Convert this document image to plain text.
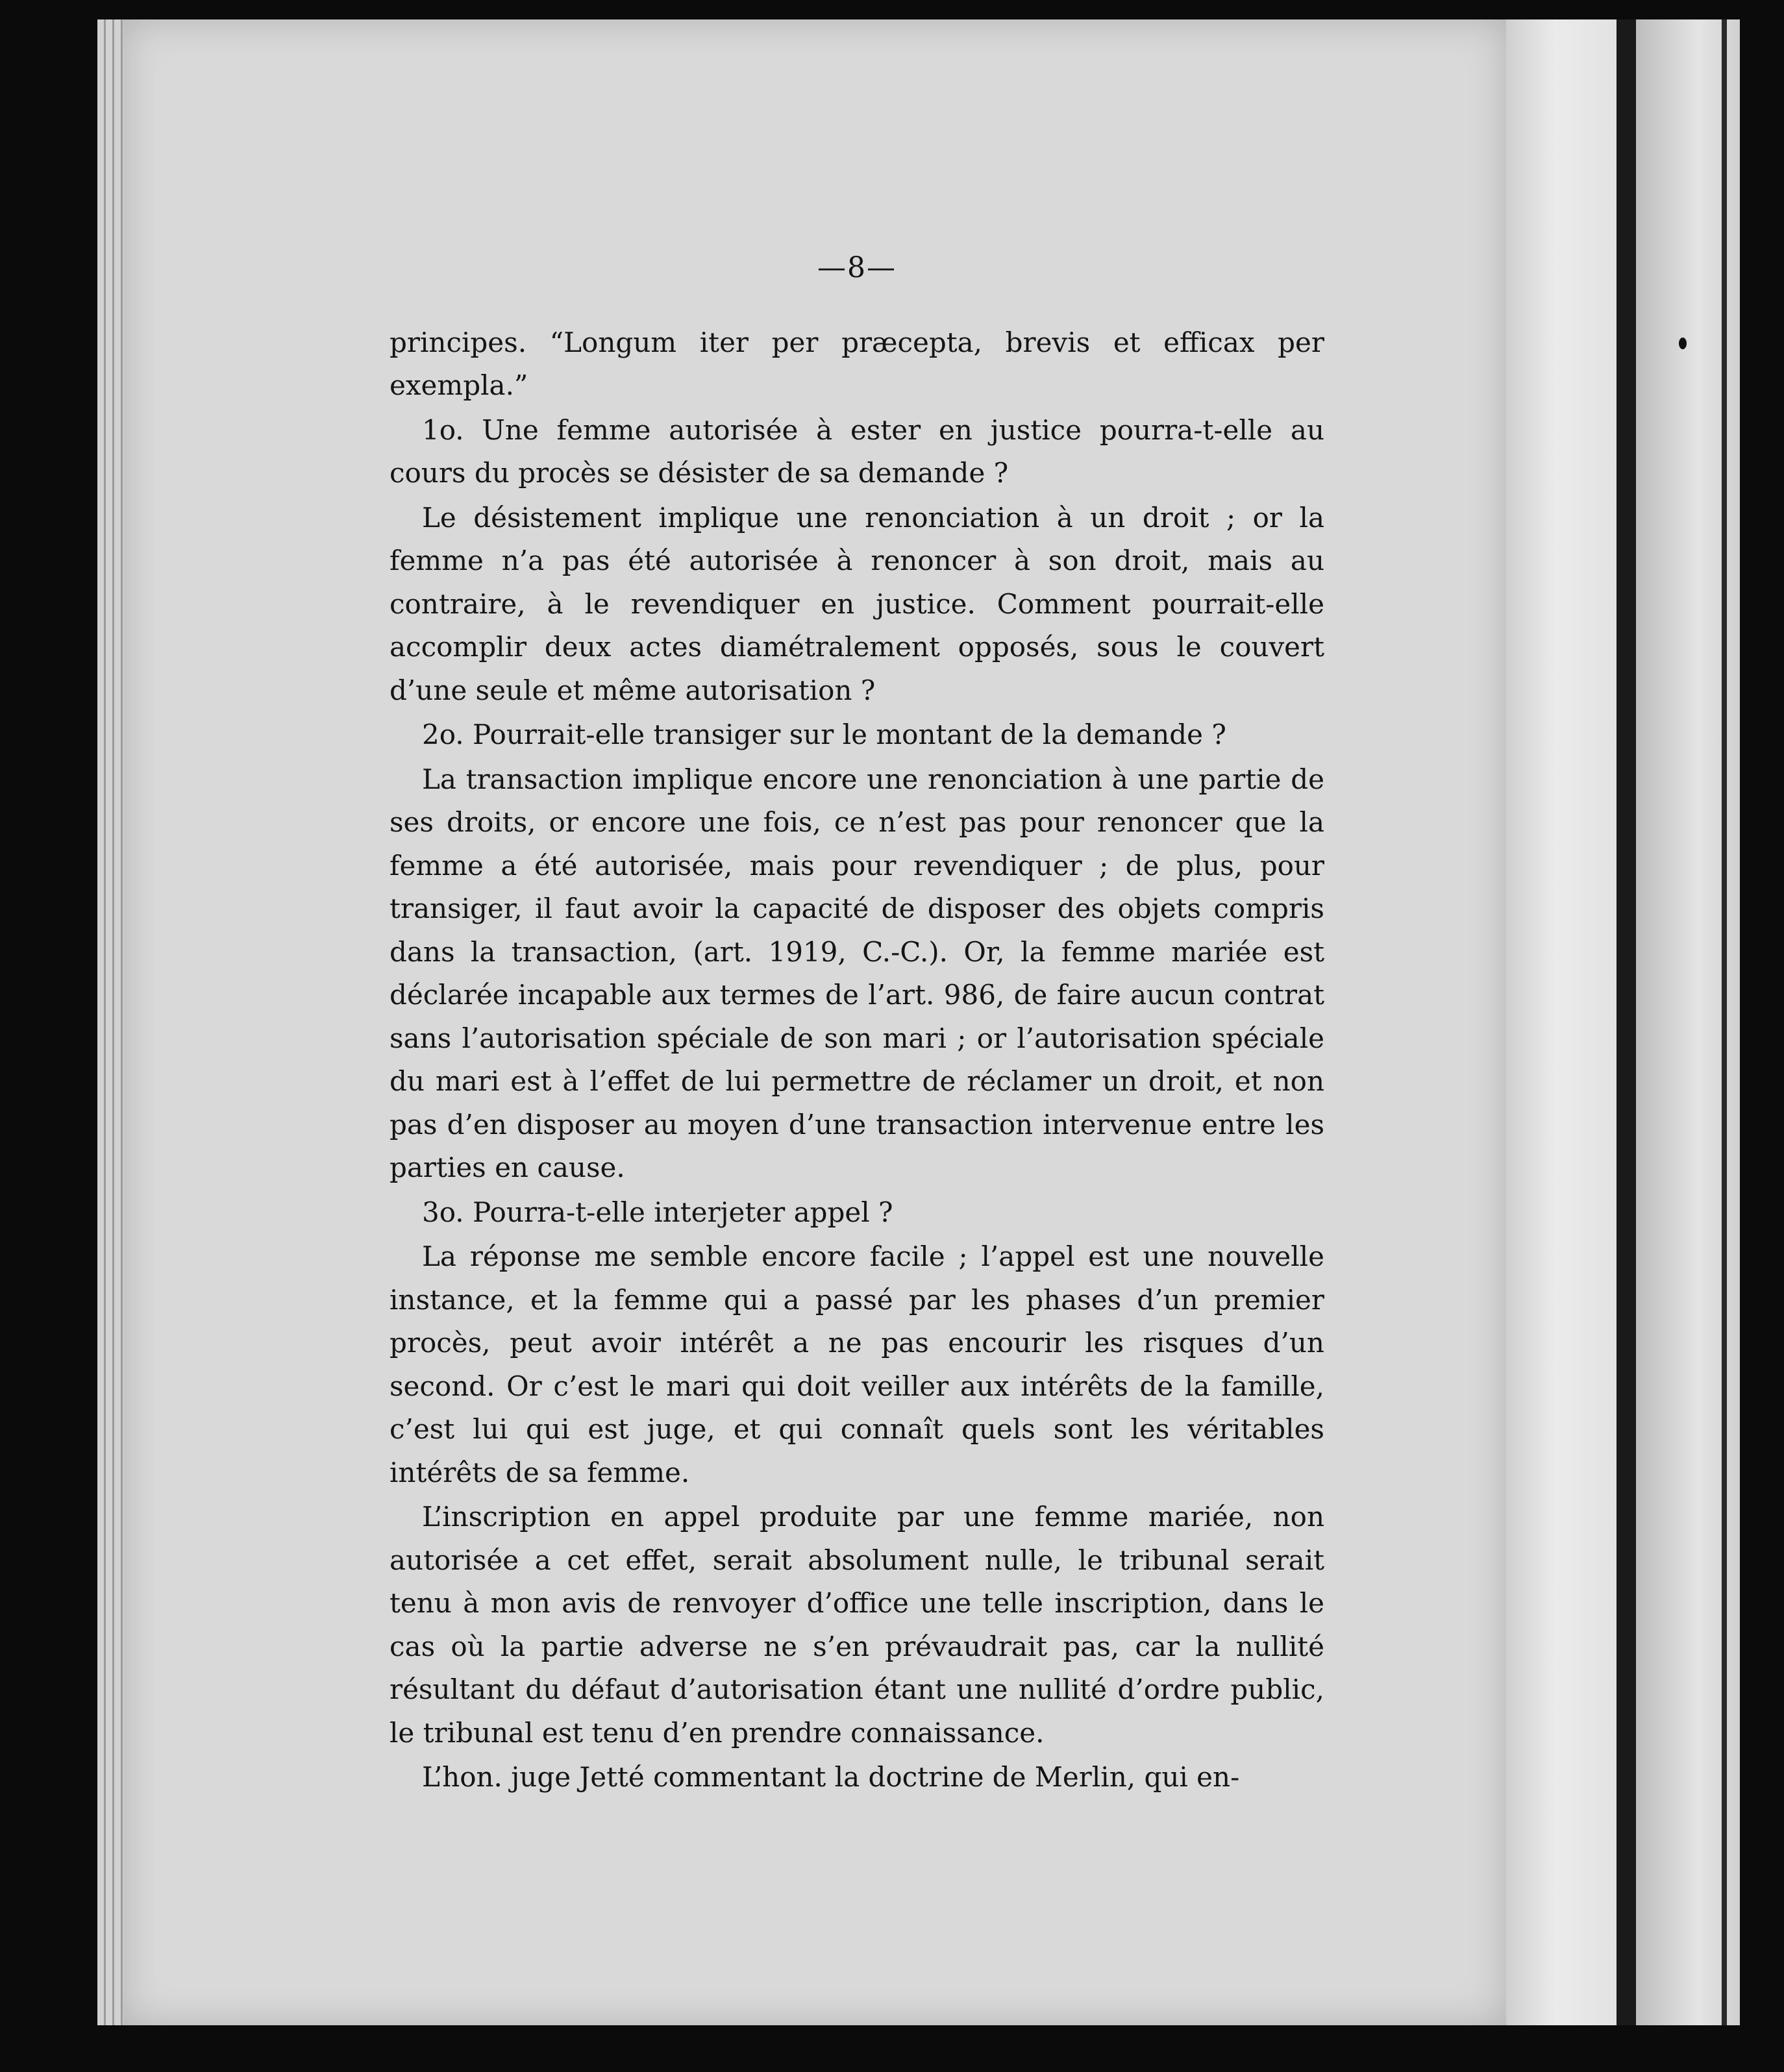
—8—

principes. “Longum iter per præcepta, brevis et efficax per exempla.”

1o. Une femme autorisée à ester en justice pourra-t-elle au cours du procès se désister de sa demande ?

Le désistement implique une renonciation à un droit ; or la femme n’a pas été autorisée à renoncer à son droit, mais au contraire, à le revendiquer en justice. Comment pourrait-elle accomplir deux actes diamétralement opposés, sous le couvert d’une seule et même autorisation ?

2o. Pourrait-elle transiger sur le montant de la demande ?

La transaction implique encore une renonciation à une partie de ses droits, or encore une fois, ce n’est pas pour renoncer que la femme a été autorisée, mais pour revendiquer ; de plus, pour transiger, il faut avoir la capacité de disposer des objets compris dans la transaction, (art. 1919, C.-C.). Or, la femme mariée est déclarée incapable aux termes de l’art. 986, de faire aucun contrat sans l’autorisation spéciale de son mari ; or l’autorisation spéciale du mari est à l’effet de lui permettre de réclamer un droit, et non pas d’en disposer au moyen d’une transaction intervenue entre les parties en cause.

3o. Pourra-t-elle interjeter appel ?

La réponse me semble encore facile ; l’appel est une nouvelle instance, et la femme qui a passé par les phases d’un premier procès, peut avoir intérêt a ne pas encourir les risques d’un second. Or c’est le mari qui doit veiller aux intérêts de la famille, c’est lui qui est juge, et qui connaît quels sont les véritables intérêts de sa femme.

L’inscription en appel produite par une femme mariée, non autorisée a cet effet, serait absolument nulle, le tribunal serait tenu à mon avis de renvoyer d’office une telle inscription, dans le cas où la partie adverse ne s’en prévaudrait pas, car la nullité résultant du défaut d’autorisation étant une nullité d’ordre public, le tribunal est tenu d’en prendre connaissance.

L’hon. juge Jetté commentant la doctrine de Merlin, qui en-
